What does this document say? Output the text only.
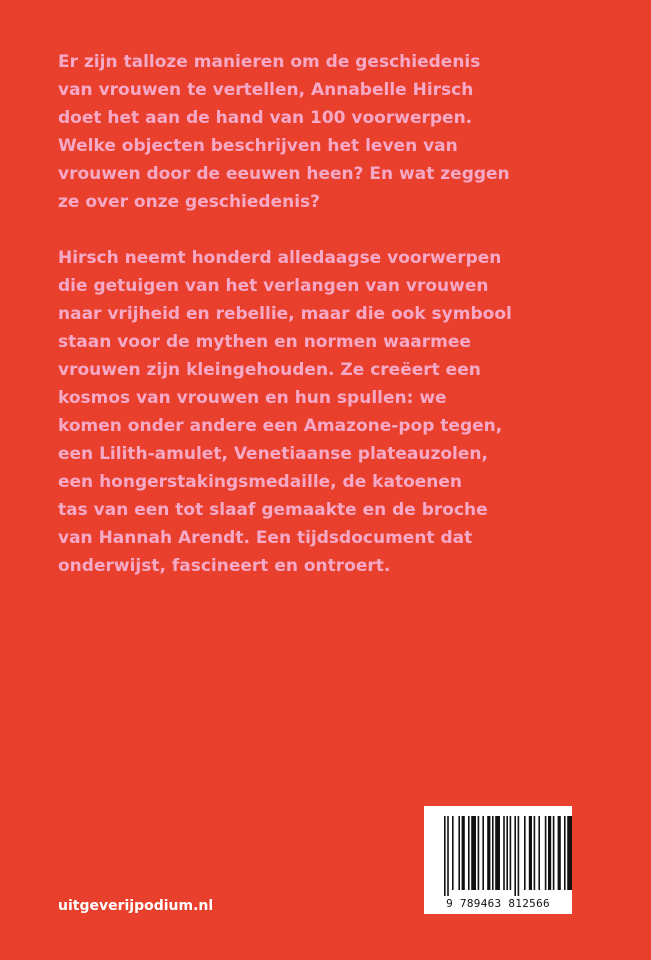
Er zijn talloze manieren om de geschiedenis
van vrouwen te vertellen, Annabelle Hirsch
doet het aan de hand van 100 voorwerpen.
Welke objecten beschrijven het leven van
vrouwen door de eeuwen heen? En wat zeggen
ze over onze geschiedenis?
Hirsch neemt honderd alledaagse voorwerpen
die getuigen van het verlangen van vrouwen
naar vrijheid en rebellie, maar die ook symbool
staan voor de mythen en normen waarmee
vrouwen zijn kleingehouden. Ze creëert een
kosmos van vrouwen en hun spullen: we
komen onder andere een Amazone-pop tegen,
een Lilith-amulet, Venetiaanse plateauzolen,
een hongerstakingsmedaille, de katoenen
tas van een tot slaaf gemaakte en de broche
van Hannah Arendt. Een tijdsdocument dat
onderwijst, fascineert en ontroert.
uitgeverijpodium.nl	9 789463 812566
